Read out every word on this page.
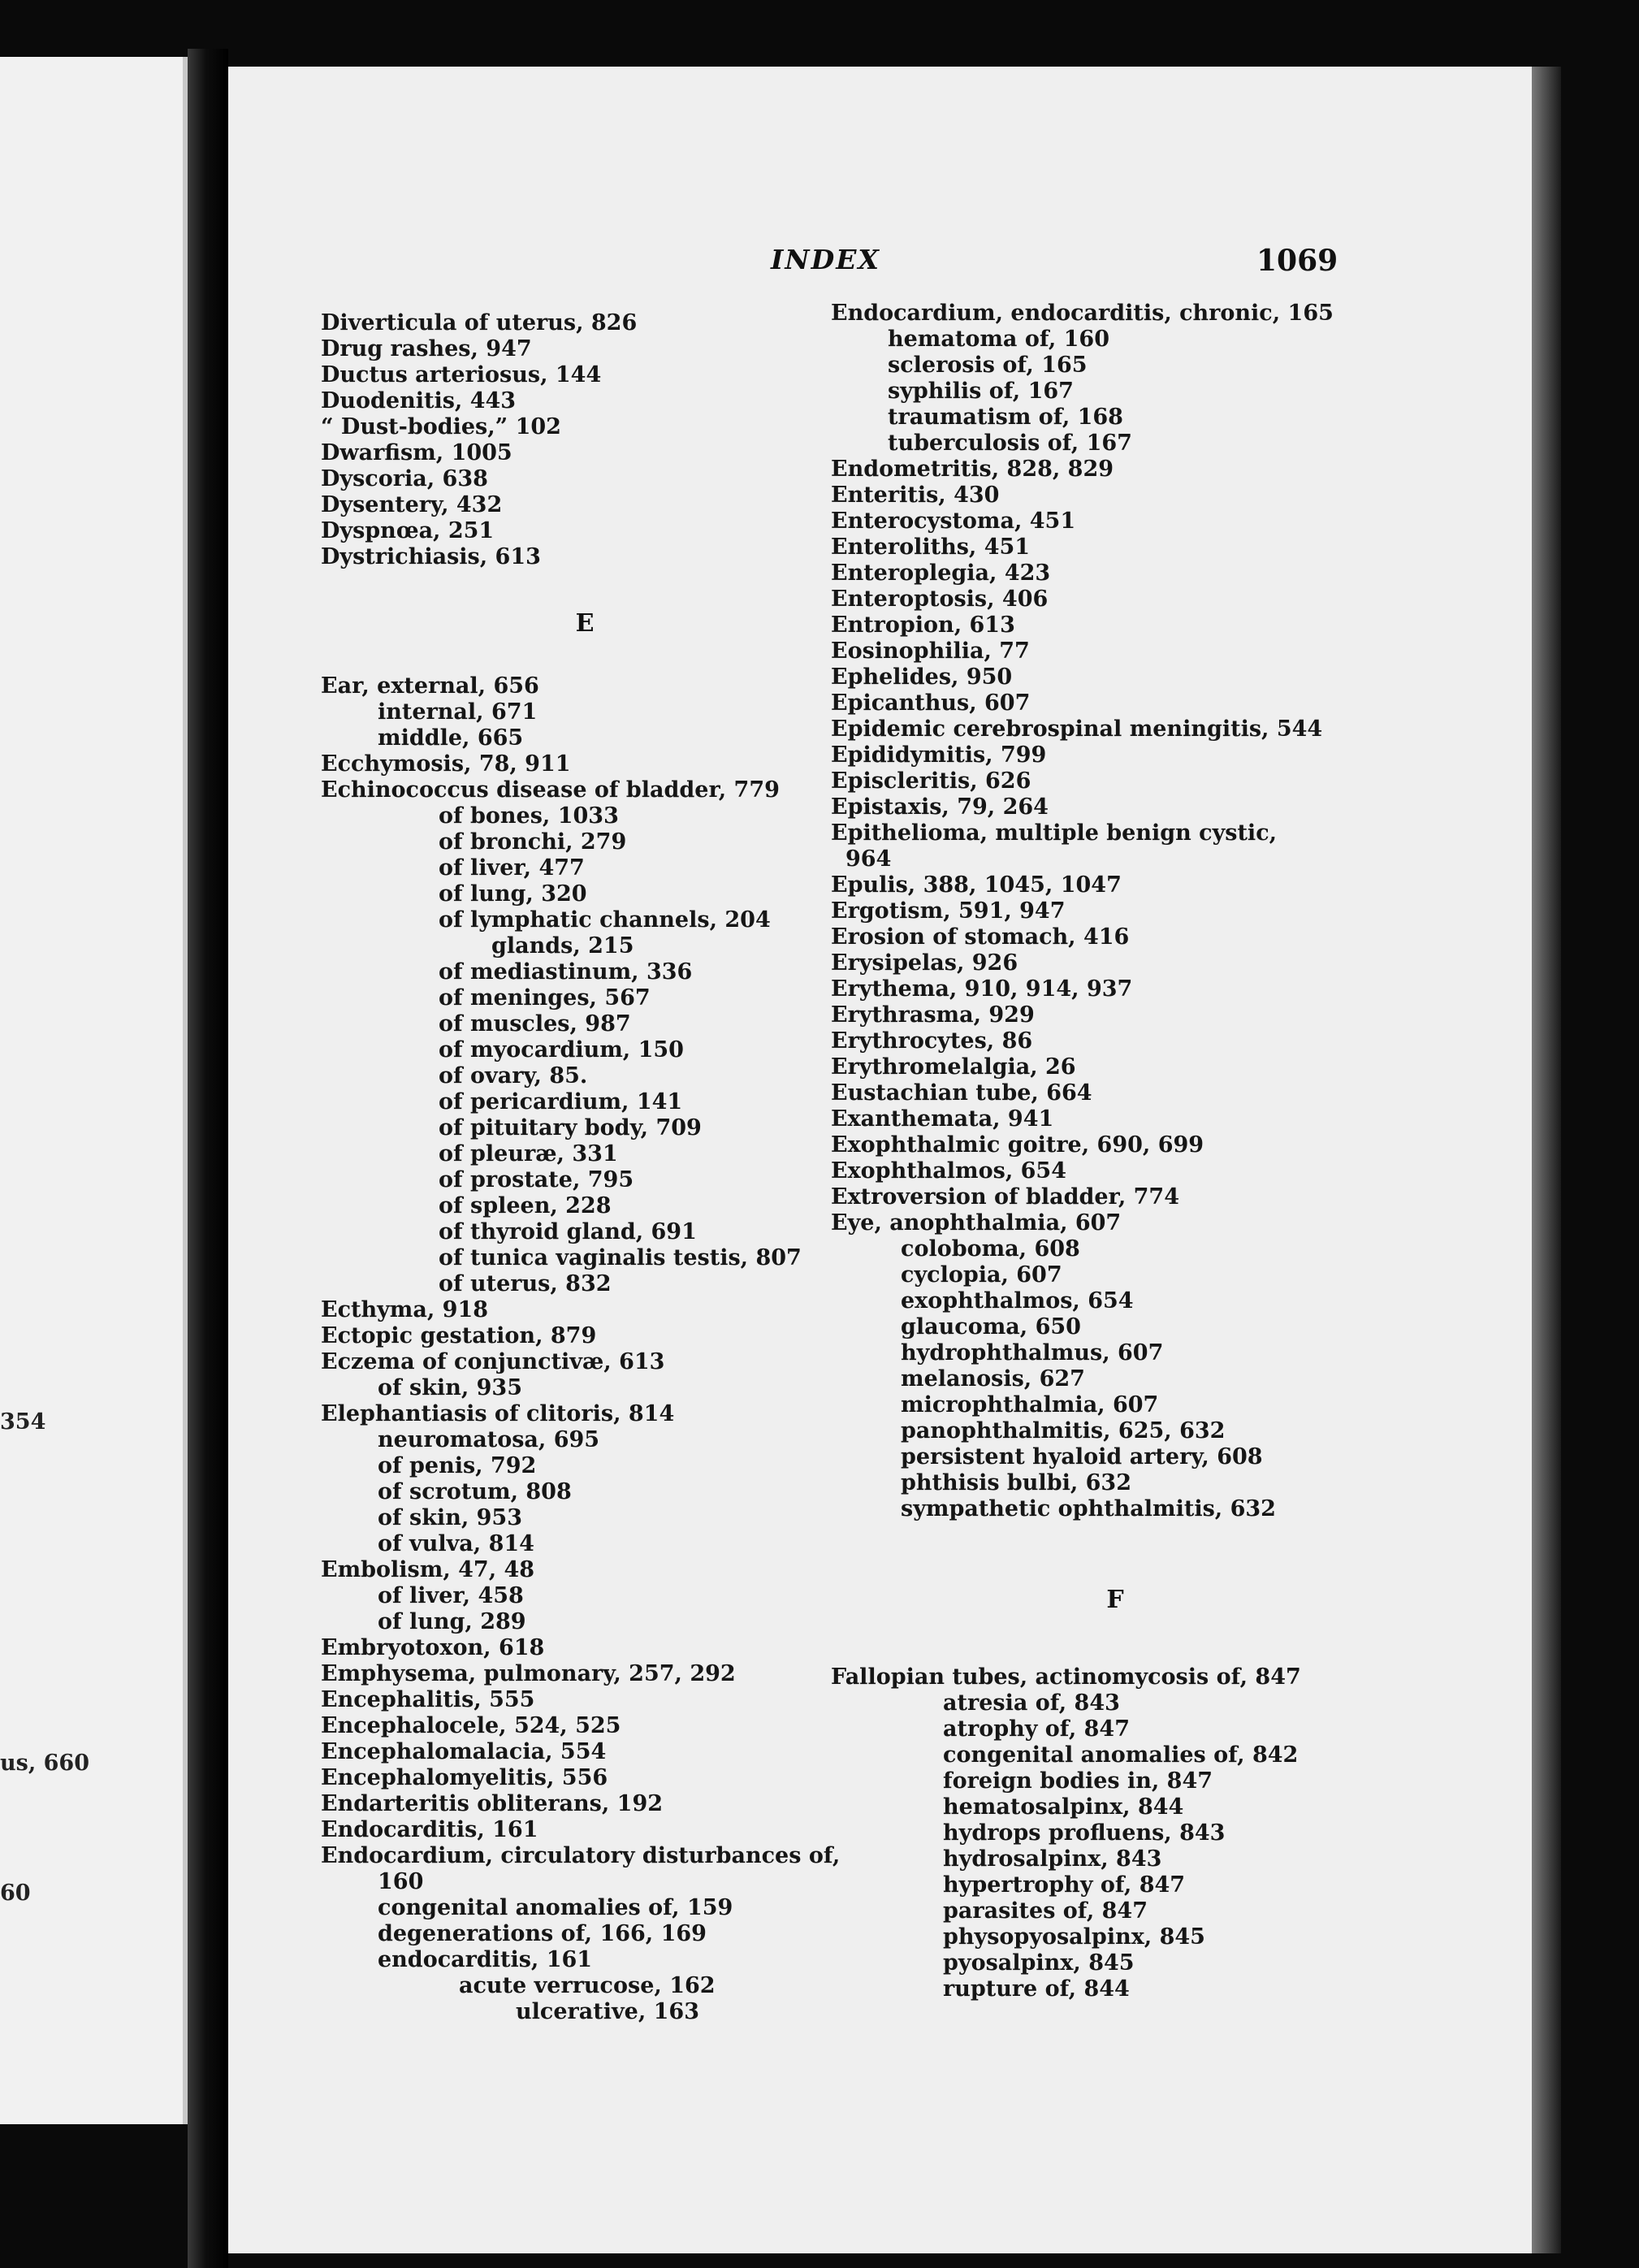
354
us, 660
60
INDEX	1069
Diverticula of uterus, 826
Drug rashes, 947
Ductus arteriosus, 144
Duodenitis, 443
“ Dust-bodies,” 102
Dwarfism, 1005
Dyscoria, 638
Dysentery, 432
Dyspnœa, 251
Dystrichiasis, 613
E
Ear, external, 656
internal, 671
middle, 665
Ecchymosis, 78, 911
Echinococcus disease of bladder, 779
of bones, 1033
of bronchi, 279
of liver, 477
of lung, 320
of lymphatic channels, 204
glands, 215
of mediastinum, 336
of meninges, 567
of muscles, 987
of myocardium, 150
of ovary, 85.
of pericardium, 141
of pituitary body, 709
of pleuræ, 331
of prostate, 795
of spleen, 228
of thyroid gland, 691
of tunica vaginalis testis, 807
of uterus, 832
Ecthyma, 918
Ectopic gestation, 879
Eczema of conjunctivæ, 613
of skin, 935
Elephantiasis of clitoris, 814
neuromatosa, 695
of penis, 792
of scrotum, 808
of skin, 953
of vulva, 814
Embolism, 47, 48
of liver, 458
of lung, 289
Embryotoxon, 618
Emphysema, pulmonary, 257, 292
Encephalitis, 555
Encephalocele, 524, 525
Encephalomalacia, 554
Encephalomyelitis, 556
Endarteritis obliterans, 192
Endocarditis, 161
Endocardium, circulatory disturbances of,
160
congenital anomalies of, 159
degenerations of, 166, 169
endocarditis, 161
acute verrucose, 162
ulcerative, 163
Endocardium, endocarditis, chronic, 165
hematoma of, 160
sclerosis of, 165
syphilis of, 167
traumatism of, 168
tuberculosis of, 167
Endometritis, 828, 829
Enteritis, 430
Enterocystoma, 451
Enteroliths, 451
Enteroplegia, 423
Enteroptosis, 406
Entropion, 613
Eosinophilia, 77
Ephelides, 950
Epicanthus, 607
Epidemic cerebrospinal meningitis, 544
Epididymitis, 799
Episcleritis, 626
Epistaxis, 79, 264
Epithelioma, multiple benign cystic,
964
Epulis, 388, 1045, 1047
Ergotism, 591, 947
Erosion of stomach, 416
Erysipelas, 926
Erythema, 910, 914, 937
Erythrasma, 929
Erythrocytes, 86
Erythromelalgia, 26
Eustachian tube, 664
Exanthemata, 941
Exophthalmic goitre, 690, 699
Exophthalmos, 654
Extroversion of bladder, 774
Eye, anophthalmia, 607
coloboma, 608
cyclopia, 607
exophthalmos, 654
glaucoma, 650
hydrophthalmus, 607
melanosis, 627
microphthalmia, 607
panophthalmitis, 625, 632
persistent hyaloid artery, 608
phthisis bulbi, 632
sympathetic ophthalmitis, 632
F
Fallopian tubes, actinomycosis of, 847
atresia of, 843
atrophy of, 847
congenital anomalies of, 842
foreign bodies in, 847
hematosalpinx, 844
hydrops profluens, 843
hydrosalpinx, 843
hypertrophy of, 847
parasites of, 847
physopyosalpinx, 845
pyosalpinx, 845
rupture of, 844
